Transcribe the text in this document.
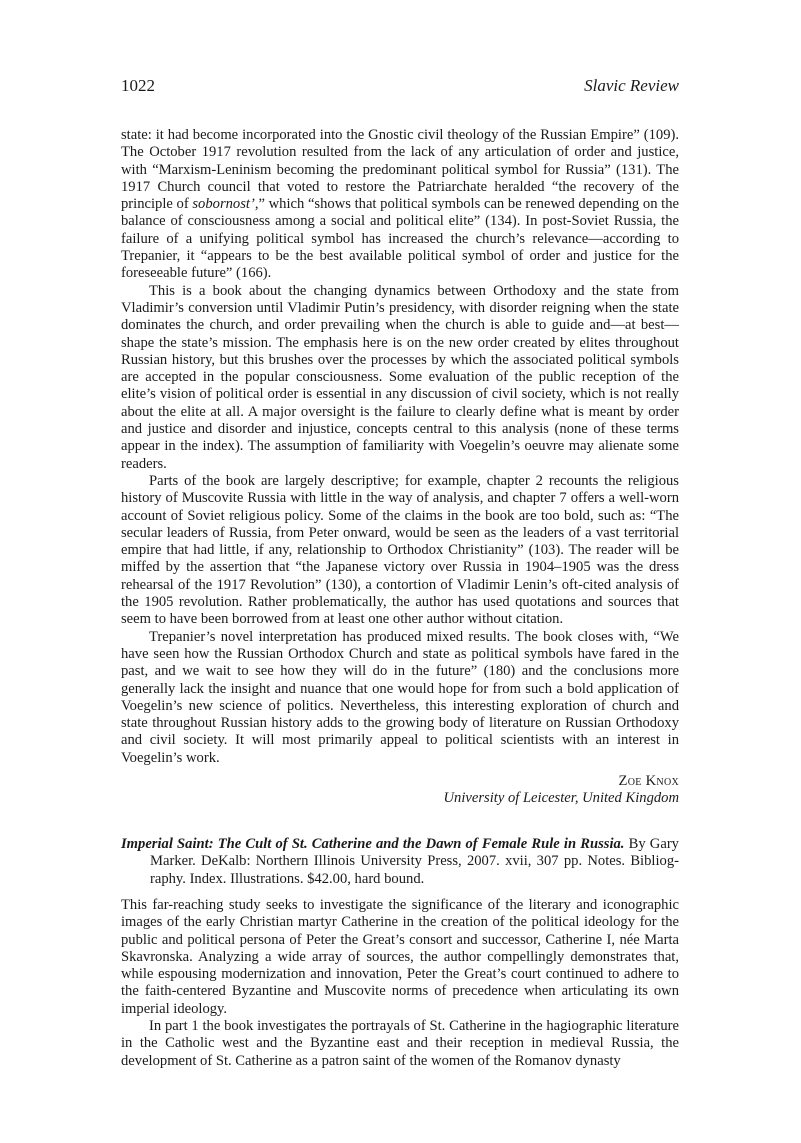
1022	Slavic Review

state: it had become incorporated into the Gnostic civil theology of the Russian Empire” (109). The October 1917 revolution resulted from the lack of any articulation of order and justice, with “Marxism-Leninism becoming the predominant political symbol for Russia” (131). The 1917 Church council that voted to restore the Patriarchate heralded “the recovery of the principle of sobornost’,” which “shows that political symbols can be renewed depending on the balance of consciousness among a social and political elite” (134). In post-Soviet Russia, the failure of a unifying political symbol has increased the church’s relevance—according to Trepanier, it “appears to be the best available political symbol of order and justice for the foreseeable future” (166).

This is a book about the changing dynamics between Orthodoxy and the state from Vladimir’s conversion until Vladimir Putin’s presidency, with disorder reigning when the state dominates the church, and order prevailing when the church is able to guide and—at best—shape the state’s mission. The emphasis here is on the new order created by elites throughout Russian history, but this brushes over the processes by which the associated political symbols are accepted in the popular consciousness. Some evaluation of the public reception of the elite’s vision of political order is essential in any discussion of civil society, which is not really about the elite at all. A major oversight is the failure to clearly define what is meant by order and justice and disorder and injustice, concepts central to this analysis (none of these terms appear in the index). The assumption of familiarity with Voegelin’s oeuvre may alienate some readers.

Parts of the book are largely descriptive; for example, chapter 2 recounts the religious history of Muscovite Russia with little in the way of analysis, and chapter 7 offers a well-worn account of Soviet religious policy. Some of the claims in the book are too bold, such as: “The secular leaders of Russia, from Peter onward, would be seen as the leaders of a vast territorial empire that had little, if any, relationship to Orthodox Christianity” (103). The reader will be miffed by the assertion that “the Japanese victory over Russia in 1904–1905 was the dress rehearsal of the 1917 Revolution” (130), a contortion of Vladimir Lenin’s oft-cited analysis of the 1905 revolution. Rather problematically, the author has used quotations and sources that seem to have been borrowed from at least one other author without citation.

Trepanier’s novel interpretation has produced mixed results. The book closes with, “We have seen how the Russian Orthodox Church and state as political symbols have fared in the past, and we wait to see how they will do in the future” (180) and the conclusions more generally lack the insight and nuance that one would hope for from such a bold application of Voegelin’s new science of politics. Nevertheless, this interesting exploration of church and state throughout Russian history adds to the growing body of literature on Russian Orthodoxy and civil society. It will most primarily appeal to political scientists with an interest in Voegelin’s work.

Zoe Knox
University of Leicester, United Kingdom
Imperial Saint: The Cult of St. Catherine and the Dawn of Female Rule in Russia. By Gary Marker. DeKalb: Northern Illinois University Press, 2007. xvii, 307 pp. Notes. Bibliography. Index. Illustrations. $42.00, hard bound.

This far-reaching study seeks to investigate the significance of the literary and iconographic images of the early Christian martyr Catherine in the creation of the political ideology for the public and political persona of Peter the Great’s consort and successor, Catherine I, née Marta Skavronska. Analyzing a wide array of sources, the author compellingly demonstrates that, while espousing modernization and innovation, Peter the Great’s court continued to adhere to the faith-centered Byzantine and Muscovite norms of precedence when articulating its own imperial ideology.

In part 1 the book investigates the portrayals of St. Catherine in the hagiographic literature in the Catholic west and the Byzantine east and their reception in medieval Russia, the development of St. Catherine as a patron saint of the women of the Romanov dynasty
